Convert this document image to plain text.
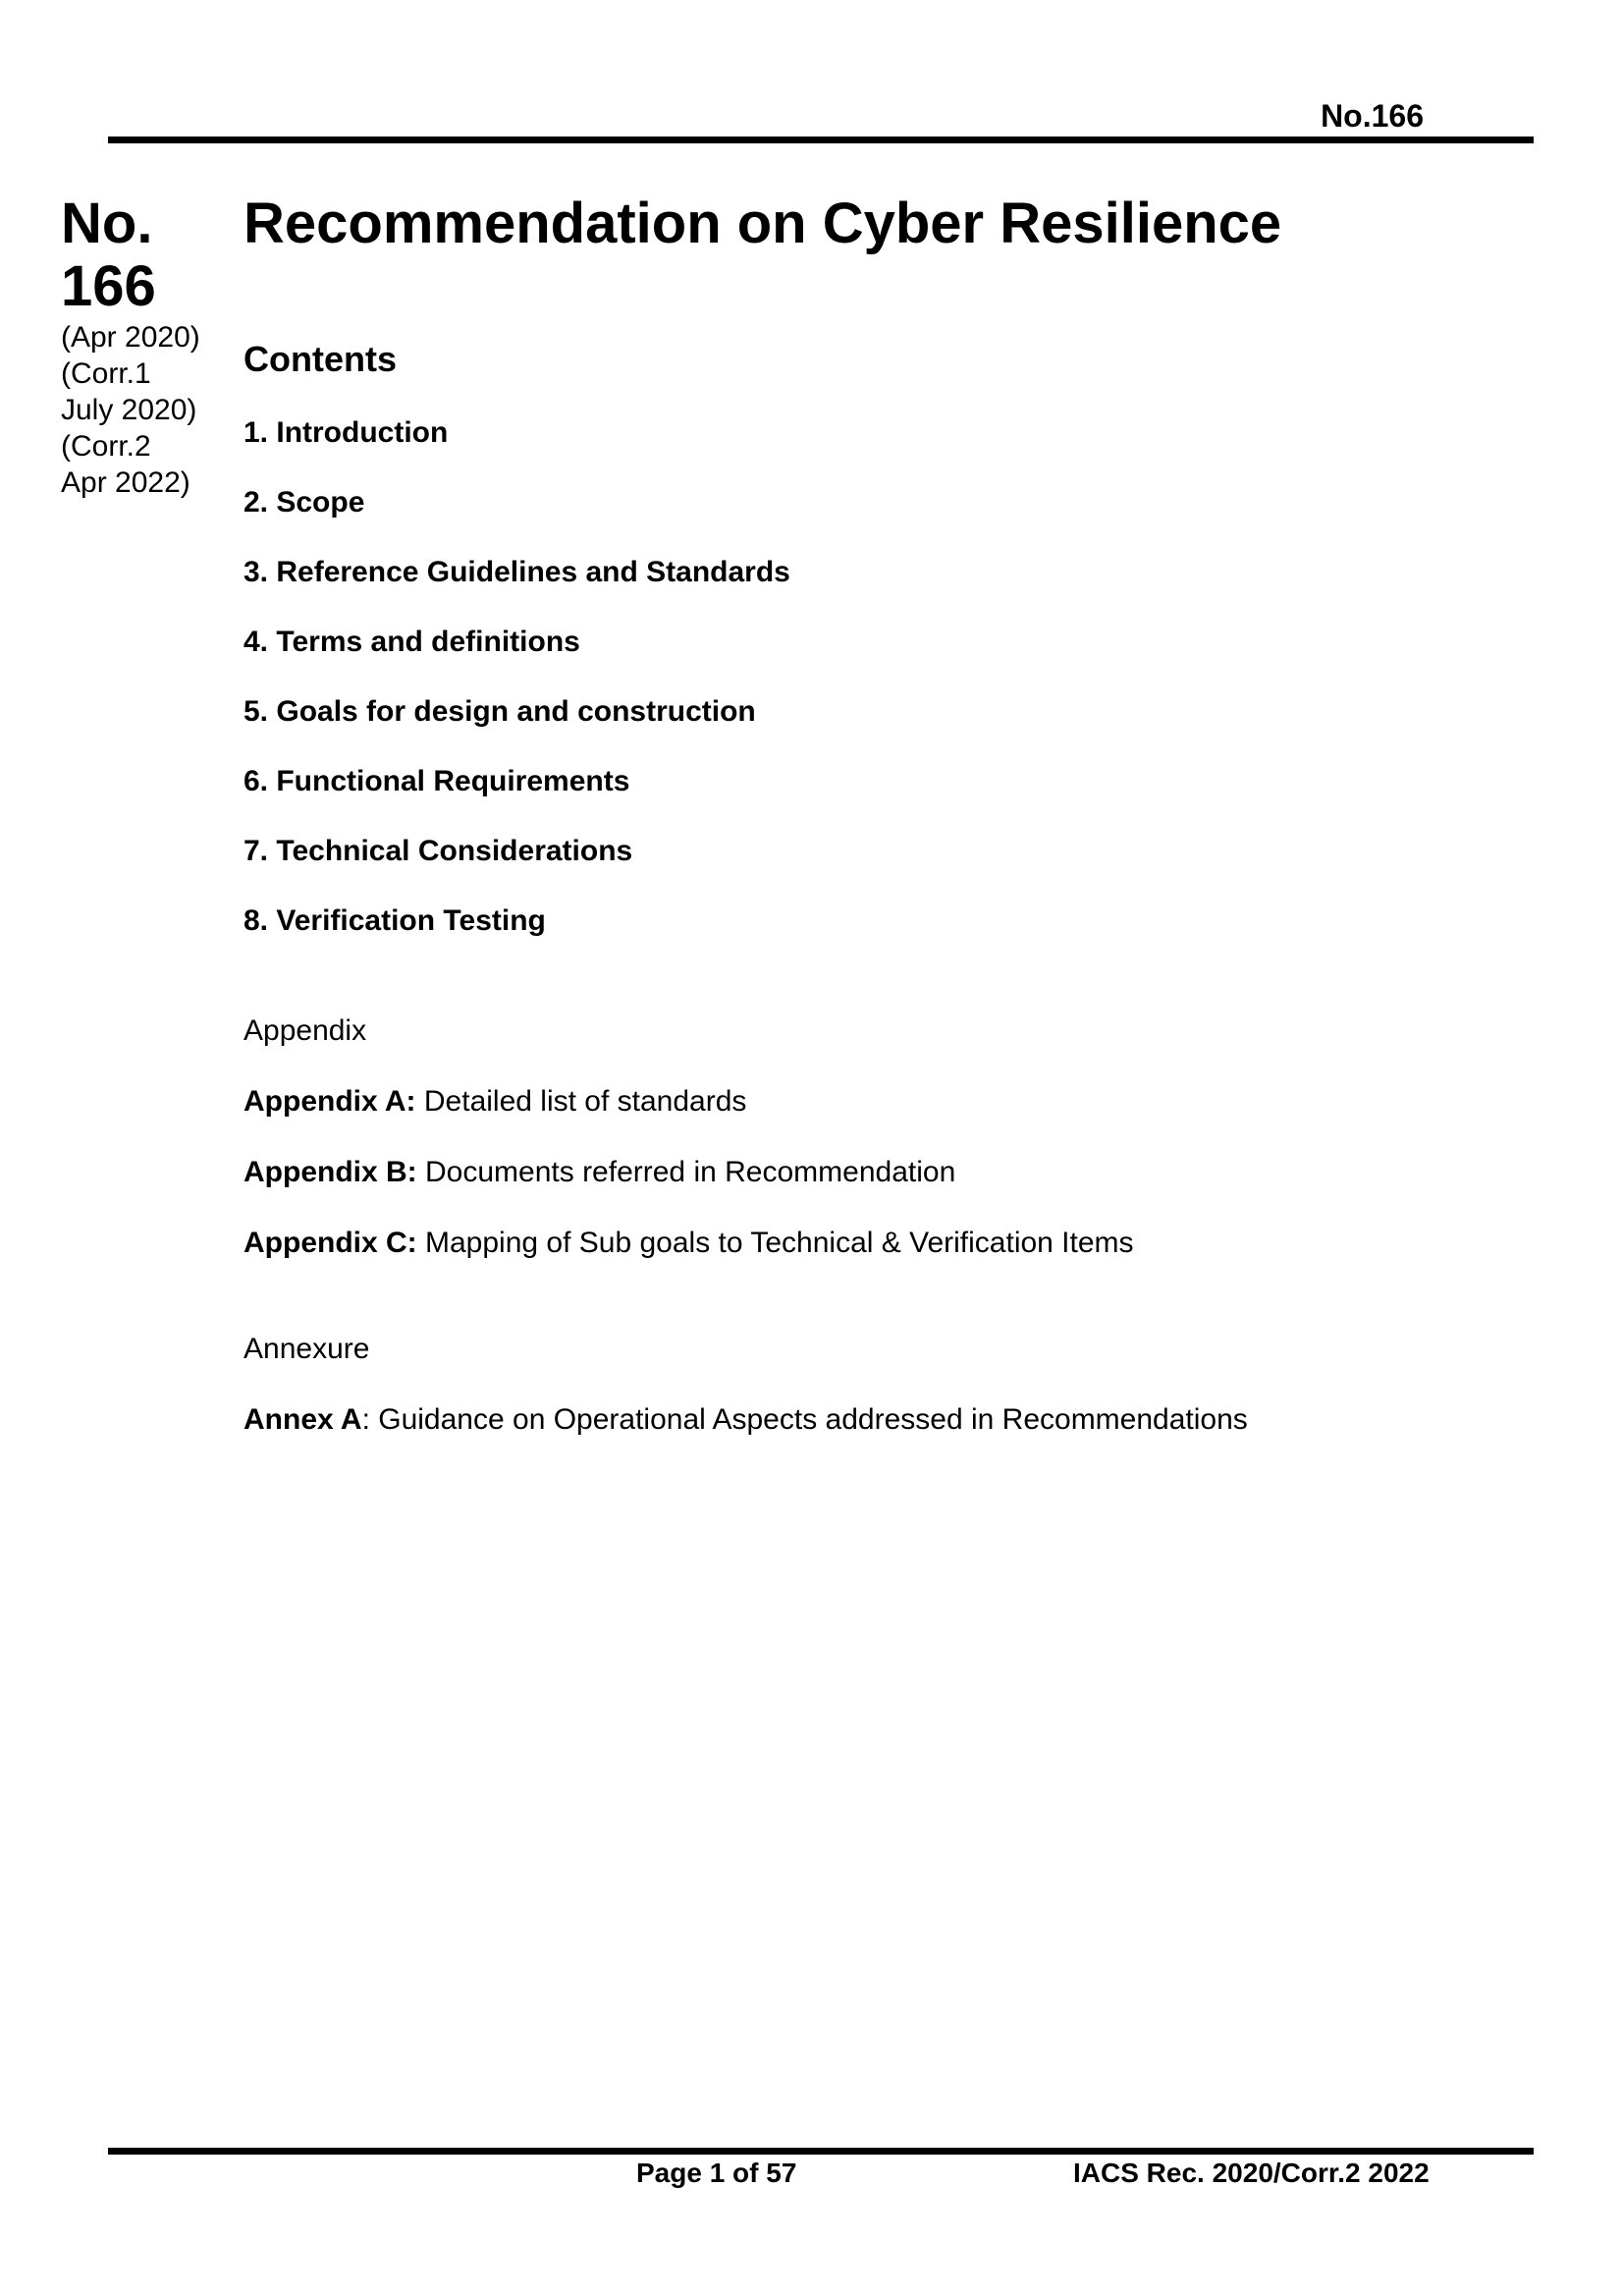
No.166
No. 166
(Apr 2020)
(Corr.1
July 2020)
(Corr.2
Apr 2022)
Recommendation on Cyber Resilience
Contents
1. Introduction
2. Scope
3. Reference Guidelines and Standards
4. Terms and definitions
5. Goals for design and construction
6. Functional Requirements
7. Technical Considerations
8. Verification Testing
Appendix
Appendix A: Detailed list of standards
Appendix B: Documents referred in Recommendation
Appendix C: Mapping of Sub goals to Technical & Verification Items
Annexure
Annex A: Guidance on Operational Aspects addressed in Recommendations
Page 1 of 57	IACS Rec. 2020/Corr.2 2022
